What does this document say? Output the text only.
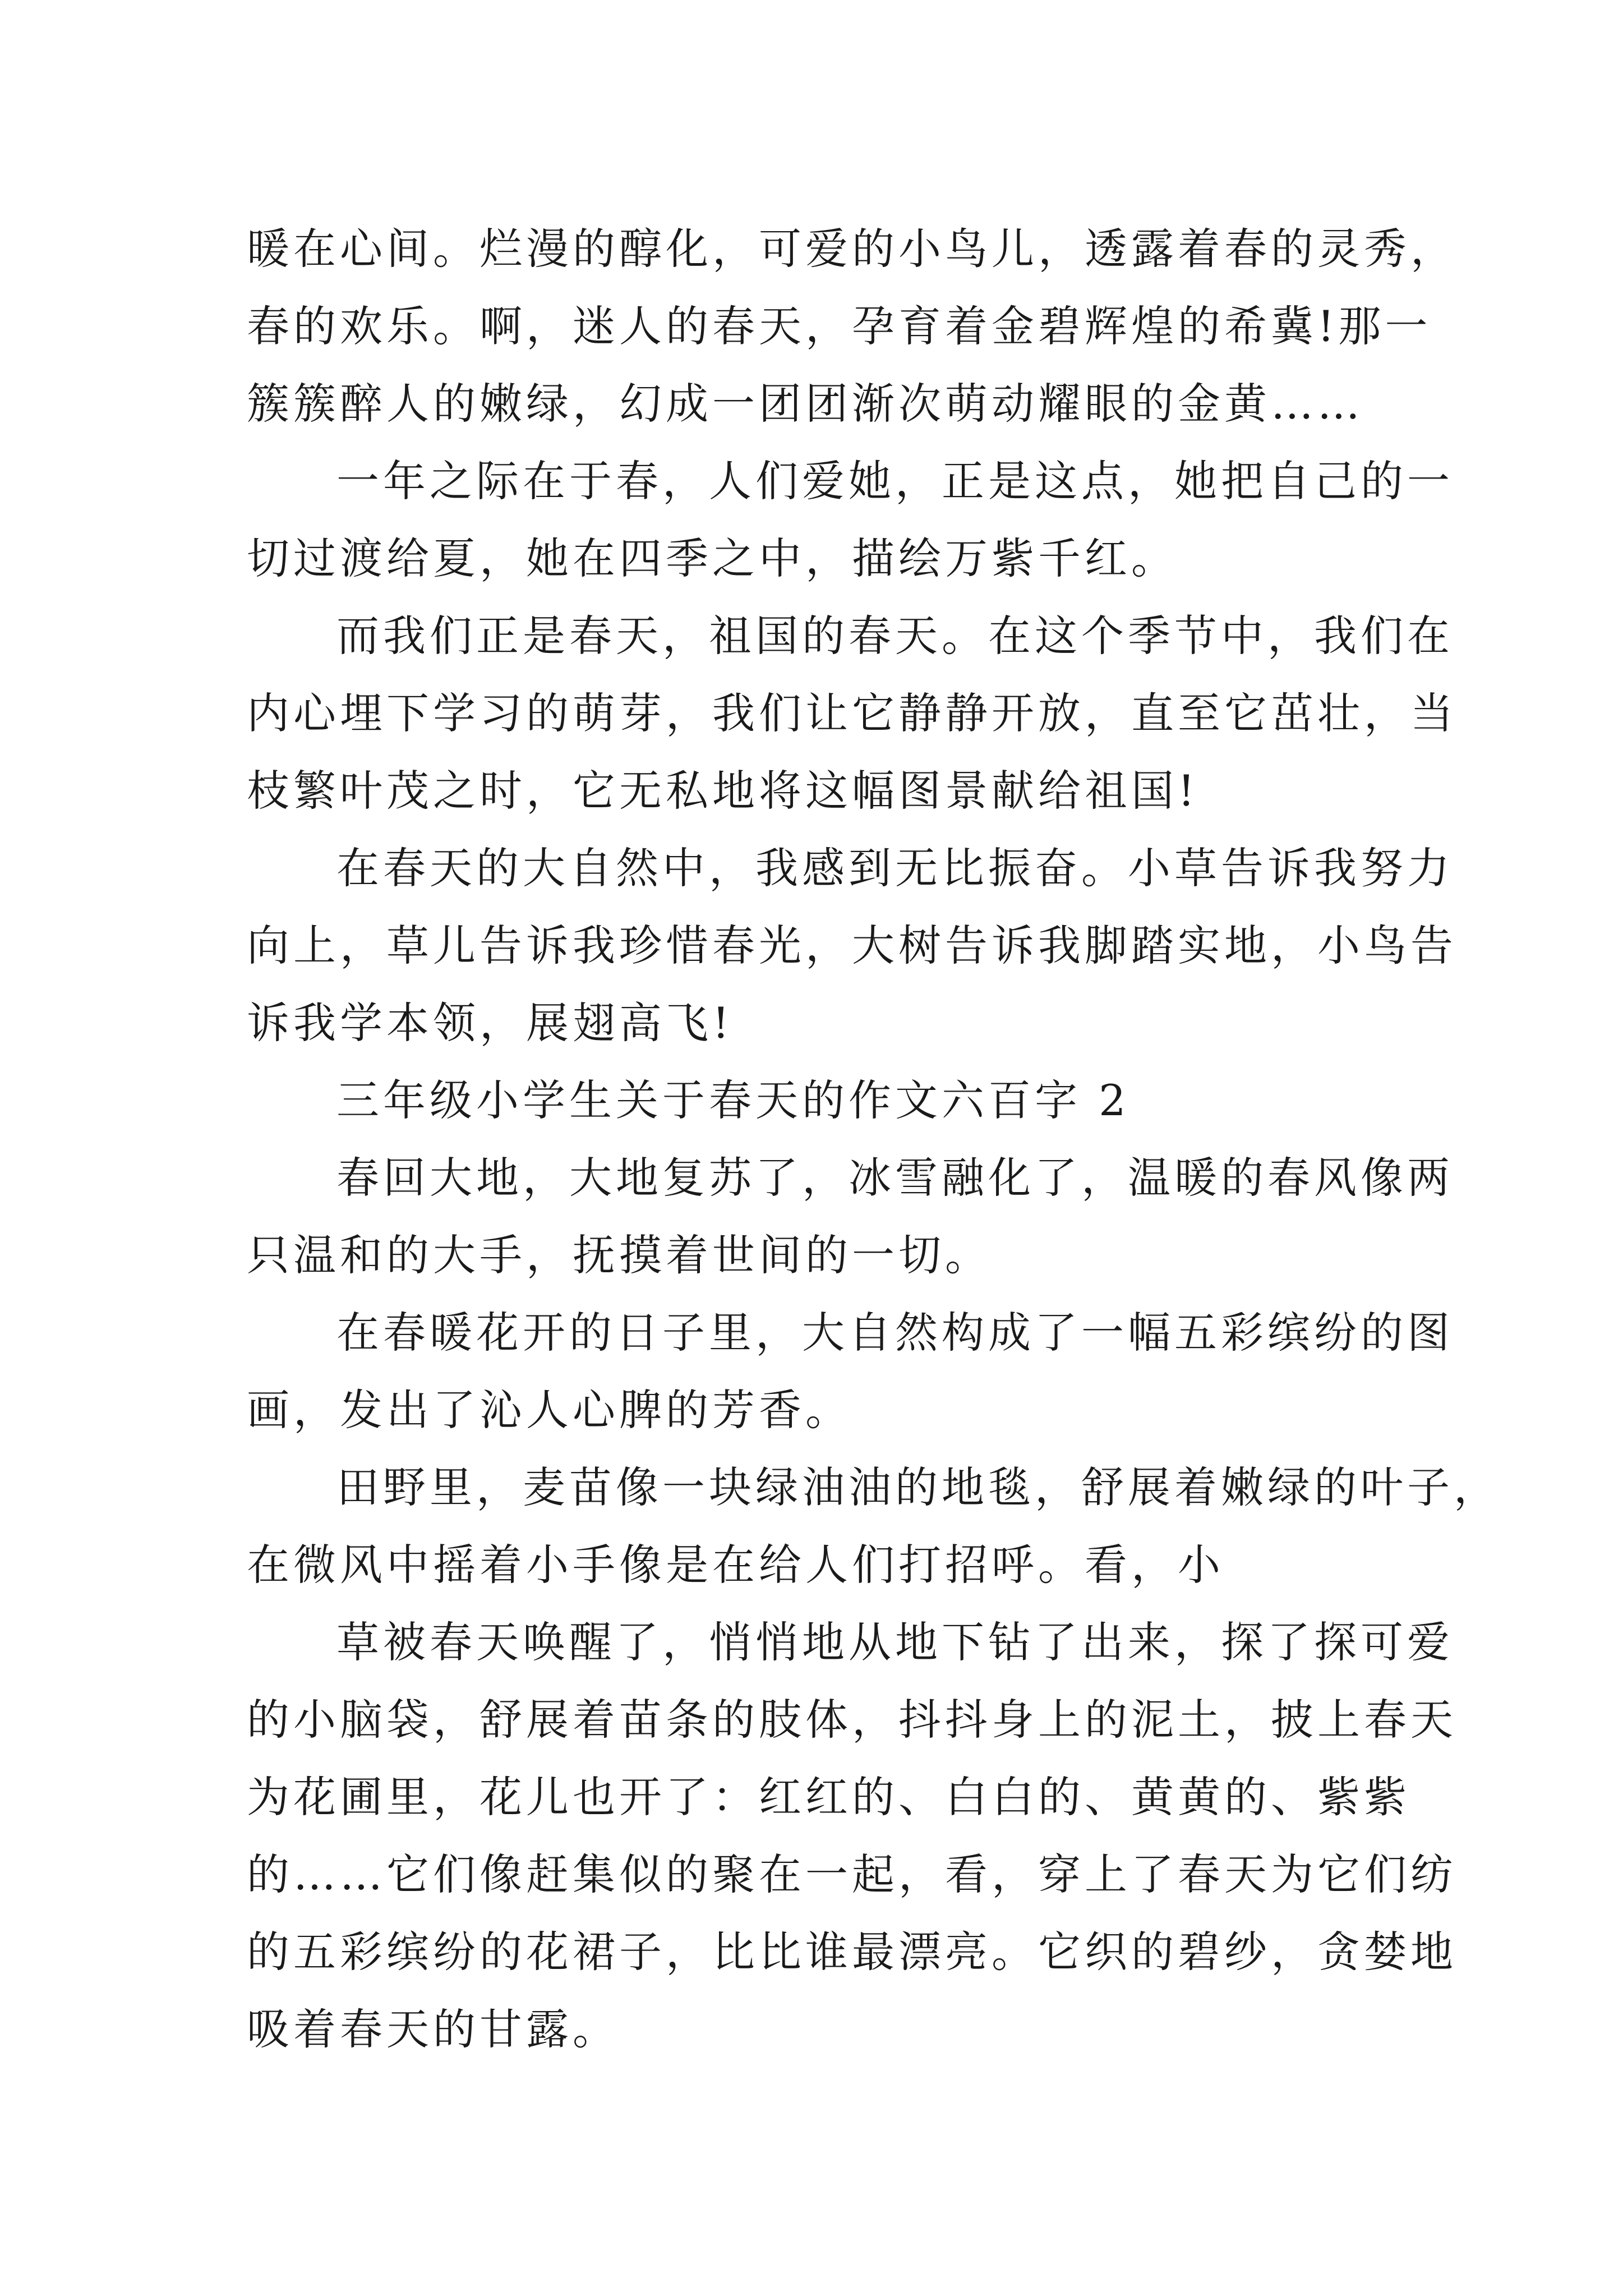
暖在心间。烂漫的醇化，可爱的小鸟儿，透露着春的灵秀，
春的欢乐。啊，迷人的春天，孕育着金碧辉煌的希冀!那一
簇簇醉人的嫩绿，幻成一团团渐次萌动耀眼的金黄……
一年之际在于春，人们爱她，正是这点，她把自己的一
切过渡给夏，她在四季之中，描绘万紫千红。
而我们正是春天，祖国的春天。在这个季节中，我们在
内心埋下学习的萌芽，我们让它静静开放，直至它茁壮，当
枝繁叶茂之时，它无私地将这幅图景献给祖国!
在春天的大自然中，我感到无比振奋。小草告诉我努力
向上，草儿告诉我珍惜春光，大树告诉我脚踏实地，小鸟告
诉我学本领，展翅高飞!
三年级小学生关于春天的作文六百字 2
春回大地，大地复苏了，冰雪融化了，温暖的春风像两
只温和的大手，抚摸着世间的一切。
在春暖花开的日子里，大自然构成了一幅五彩缤纷的图
画，发出了沁人心脾的芳香。
田野里，麦苗像一块绿油油的地毯，舒展着嫩绿的叶子，
在微风中摇着小手像是在给人们打招呼。看，小
草被春天唤醒了，悄悄地从地下钻了出来，探了探可爱
的小脑袋，舒展着苗条的肢体，抖抖身上的泥土，披上春天
为花圃里，花儿也开了：红红的、白白的、黄黄的、紫紫
的……它们像赶集似的聚在一起，看，穿上了春天为它们纺
的五彩缤纷的花裙子，比比谁最漂亮。它织的碧纱，贪婪地
吸着春天的甘露。
